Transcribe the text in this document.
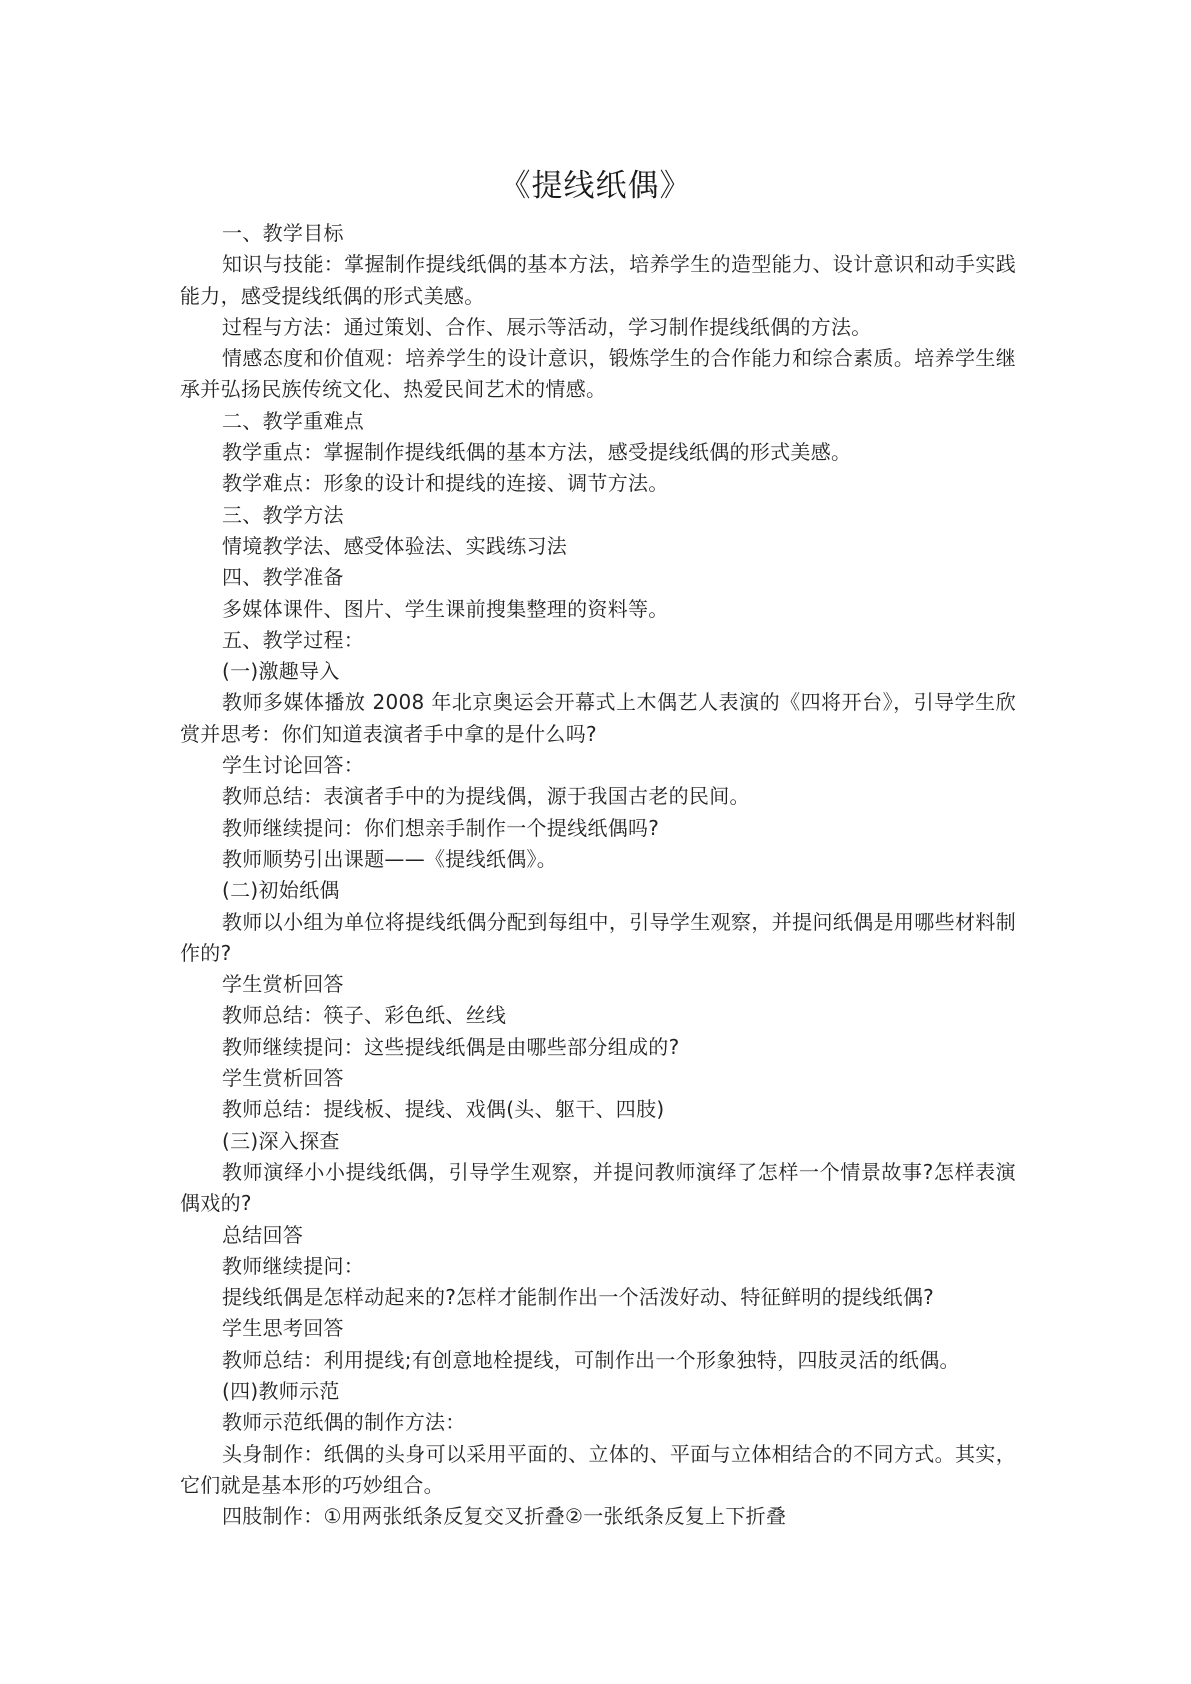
《提线纸偶》

一、教学目标

知识与技能：掌握制作提线纸偶的基本方法，培养学生的造型能力、设计意识和动手实践能力，感受提线纸偶的形式美感。

过程与方法：通过策划、合作、展示等活动，学习制作提线纸偶的方法。

情感态度和价值观：培养学生的设计意识，锻炼学生的合作能力和综合素质。培养学生继承并弘扬民族传统文化、热爱民间艺术的情感。

二、教学重难点

教学重点：掌握制作提线纸偶的基本方法，感受提线纸偶的形式美感。

教学难点：形象的设计和提线的连接、调节方法。

三、教学方法

情境教学法、感受体验法、实践练习法

四、教学准备

多媒体课件、图片、学生课前搜集整理的资料等。

五、教学过程：

(一)激趣导入

教师多媒体播放 2008 年北京奥运会开幕式上木偶艺人表演的《四将开台》，引导学生欣赏并思考：你们知道表演者手中拿的是什么吗?

学生讨论回答：

教师总结：表演者手中的为提线偶，源于我国古老的民间。

教师继续提问：你们想亲手制作一个提线纸偶吗?

教师顺势引出课题——《提线纸偶》。

(二)初始纸偶

教师以小组为单位将提线纸偶分配到每组中，引导学生观察，并提问纸偶是用哪些材料制作的?

学生赏析回答

教师总结：筷子、彩色纸、丝线

教师继续提问：这些提线纸偶是由哪些部分组成的?

学生赏析回答

教师总结：提线板、提线、戏偶(头、躯干、四肢)

(三)深入探查

教师演绎小小提线纸偶，引导学生观察，并提问教师演绎了怎样一个情景故事?怎样表演偶戏的?

总结回答

教师继续提问：

提线纸偶是怎样动起来的?怎样才能制作出一个活泼好动、特征鲜明的提线纸偶?

学生思考回答

教师总结：利用提线;有创意地栓提线，可制作出一个形象独特，四肢灵活的纸偶。

(四)教师示范

教师示范纸偶的制作方法：

头身制作：纸偶的头身可以采用平面的、立体的、平面与立体相结合的不同方式。其实，它们就是基本形的巧妙组合。

四肢制作：①用两张纸条反复交叉折叠②一张纸条反复上下折叠
